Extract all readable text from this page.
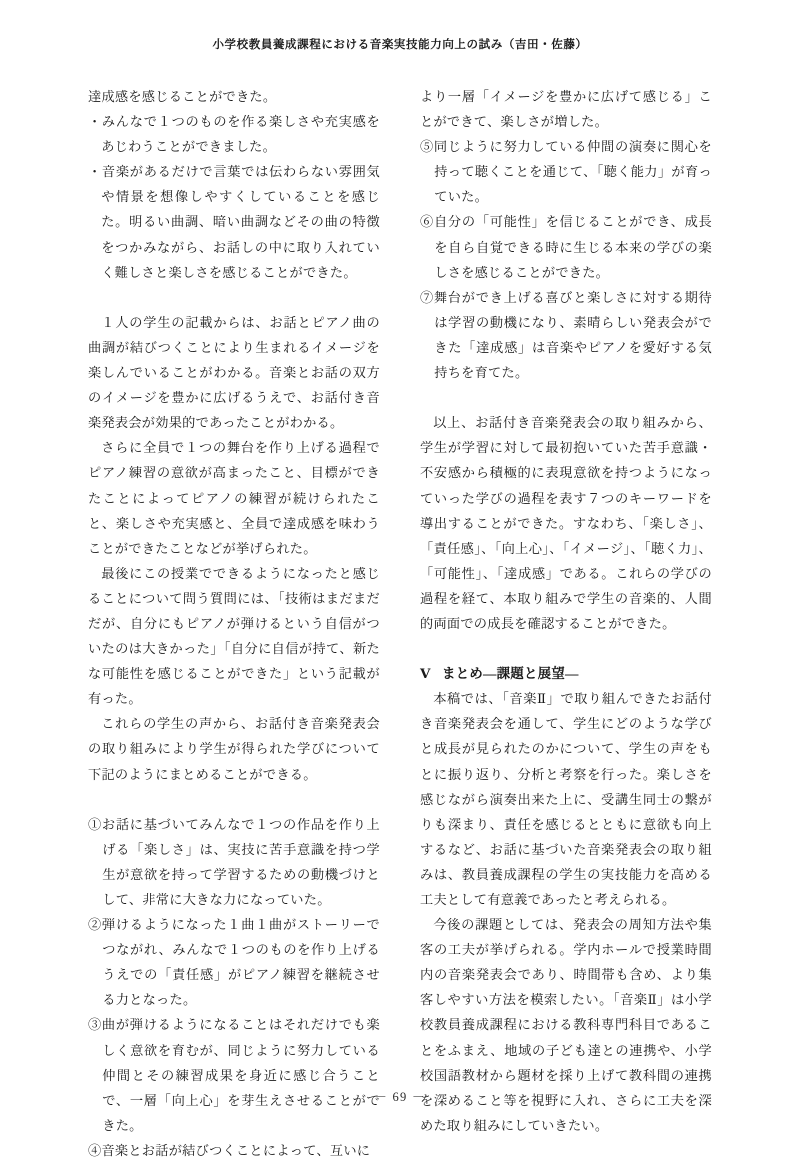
小学校教員養成課程における音楽実技能力向上の試み（吉田・佐藤）

達成感を感じることができた。

・みんなで１つのものを作る楽しさや充実感をあじわうことができました。

・音楽があるだけで言葉では伝わらない雰囲気や情景を想像しやすくしていることを感じた。明るい曲調、暗い曲調などその曲の特徴をつかみながら、お話しの中に取り入れていく難しさと楽しさを感じることができた。

１人の学生の記載からは、お話とピアノ曲の曲調が結びつくことにより生まれるイメージを楽しんでいることがわかる。音楽とお話の双方のイメージを豊かに広げるうえで、お話付き音楽発表会が効果的であったことがわかる。

さらに全員で１つの舞台を作り上げる過程でピアノ練習の意欲が高まったこと、目標ができたことによってピアノの練習が続けられたこと、楽しさや充実感と、全員で達成感を味わうことができたことなどが挙げられた。

最後にこの授業でできるようになったと感じることについて問う質問には、「技術はまだまだだが、自分にもピアノが弾けるという自信がついたのは大きかった」「自分に自信が持て、新たな可能性を感じることができた」という記載が有った。

これらの学生の声から、お話付き音楽発表会の取り組みにより学生が得られた学びについて下記のようにまとめることができる。

①お話に基づいてみんなで１つの作品を作り上げる「楽しさ」は、実技に苦手意識を持つ学生が意欲を持って学習するための動機づけとして、非常に大きな力になっていた。

②弾けるようになった１曲１曲がストーリーでつながれ、みんなで１つのものを作り上げるうえでの「責任感」がピアノ練習を継続させる力となった。

③曲が弾けるようになることはそれだけでも楽しく意欲を育むが、同じように努力している仲間とその練習成果を身近に感じ合うことで、一層「向上心」を芽生えさせることができた。

④音楽とお話が結びつくことによって、互いに

より一層「イメージを豊かに広げて感じる」ことができて、楽しさが増した。

⑤同じように努力している仲間の演奏に関心を持って聴くことを通じて、「聴く能力」が育っていた。

⑥自分の「可能性」を信じることができ、成長を自ら自覚できる時に生じる本来の学びの楽しさを感じることができた。

⑦舞台ができ上げる喜びと楽しさに対する期待は学習の動機になり、素晴らしい発表会ができた「達成感」は音楽やピアノを愛好する気持ちを育てた。

以上、お話付き音楽発表会の取り組みから、学生が学習に対して最初抱いていた苦手意識・不安感から積極的に表現意欲を持つようになっていった学びの過程を表す７つのキーワードを導出することができた。すなわち、「楽しさ」、「責任感」、「向上心」、「イメージ」、「聴く力」、「可能性」、「達成感」である。これらの学びの過程を経て、本取り組みで学生の音楽的、人間的両面での成長を確認することができた。

Ⅴ まとめ―課題と展望―

本稿では、「音楽Ⅱ」で取り組んできたお話付き音楽発表会を通して、学生にどのような学びと成長が見られたのかについて、学生の声をもとに振り返り、分析と考察を行った。楽しさを感じながら演奏出来た上に、受講生同士の繋がりも深まり、責任を感じるとともに意欲も向上するなど、お話に基づいた音楽発表会の取り組みは、教員養成課程の学生の実技能力を高める工夫として有意義であったと考えられる。

今後の課題としては、発表会の周知方法や集客の工夫が挙げられる。学内ホールで授業時間内の音楽発表会であり、時間帯も含め、より集客しやすい方法を模索したい。「音楽Ⅱ」は小学校教員養成課程における教科専門科目であることをふまえ、地域の子ども達との連携や、小学校国語教材から題材を採り上げて教科間の連携を深めること等を視野に入れ、さらに工夫を深めた取り組みにしていきたい。

－ 69 －
